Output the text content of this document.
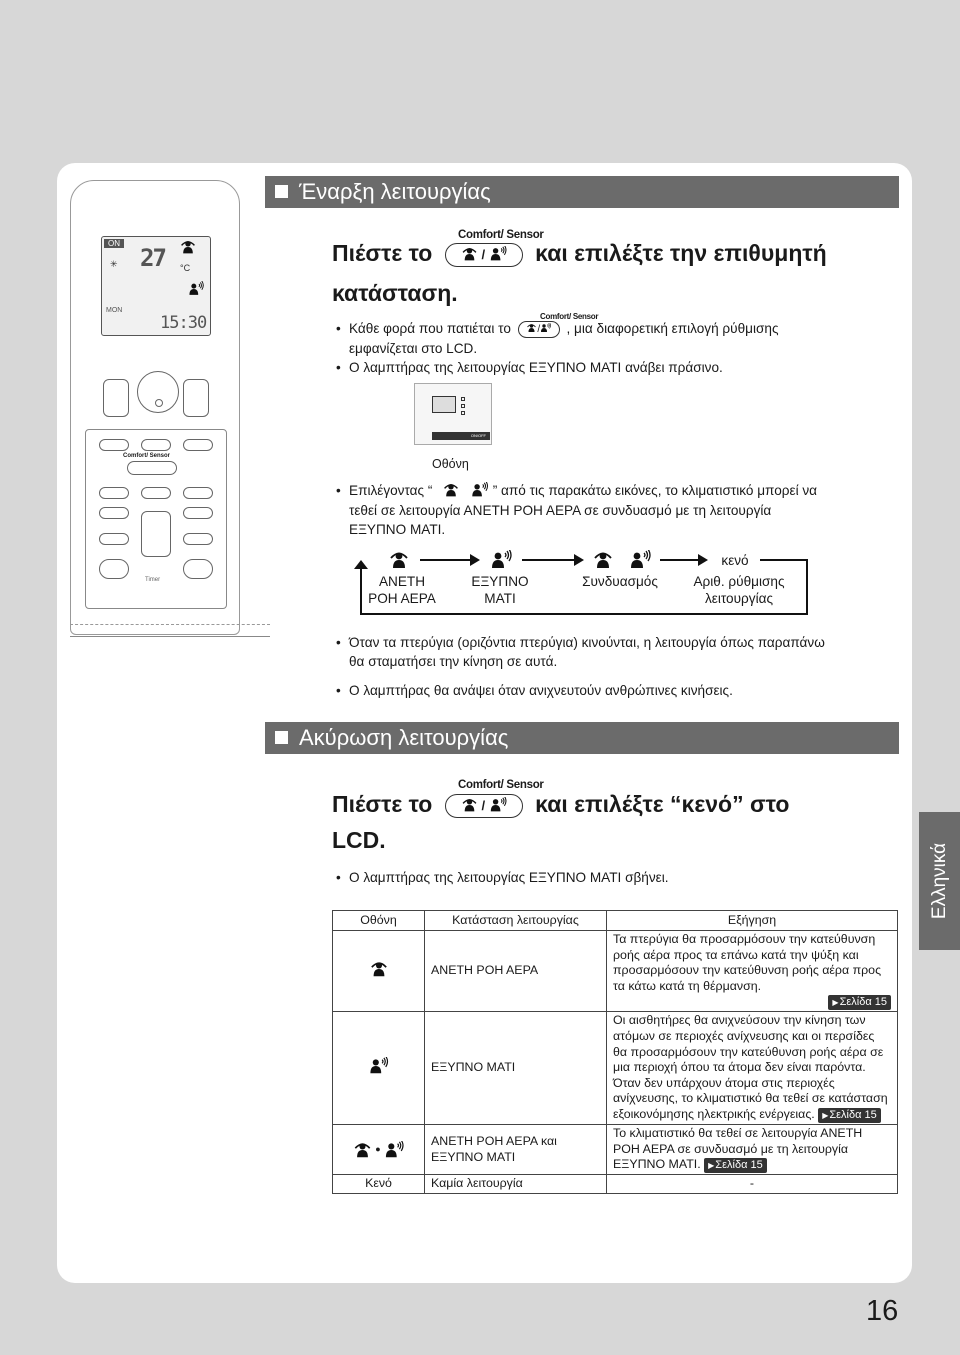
ON
✳ 27 °C
MON
15:30
Comfort/ Sensor
Timer
Έναρξη λειτουργίας
Comfort/ Sensor
Πιέστε το	/  και επιλέξτε την επιθυμητή
κατάσταση.
Comfort/ Sensor
• Κάθε φορά που πατιέται το	/ , μια διαφορετική επιλογή ρύθμισης
εμφανίζεται στο LCD.
• Ο λαμπτήρας της λειτουργίας ΕΞΥΠΝΟ ΜΑΤΙ ανάβει πράσινο.
ON/OFF
Οθόνη
• Επιλέγοντας “	” από τις παρακάτω εικόνες, το κλιματιστικό μπορεί να
τεθεί σε λειτουργία ΑΝΕΤΗ ΡΟΗ ΑΕΡΑ σε συνδυασμό με τη λειτουργία
ΕΞΥΠΝΟ ΜΑΤΙ.
κενό
ΑΝΕΤΗ
ΡΟΗ ΑΕΡΑ
ΕΞΥΠΝΟ
ΜΑΤΙ
Συνδυασμός	Αριθ. ρύθμισης
λειτουργίας
• Όταν τα πτερύγια (οριζόντια πτερύγια) κινούνται, η λειτουργία όπως παραπάνω
θα σταματήσει την κίνηση σε αυτά.
• Ο λαμπτήρας θα ανάψει όταν ανιχνευτούν ανθρώπινες κινήσεις.
Ακύρωση λειτουργίας
Comfort/ Sensor
Πιέστε το	/  και επιλέξτε “κενό” στο
LCD.
• Ο λαμπτήρας της λειτουργίας ΕΞΥΠΝΟ ΜΑΤΙ σβήνει.
Οθόνη	Κατάσταση λειτουργίας	Εξήγηση
	ΑΝΕΤΗ ΡΟΗ ΑΕΡΑ	Τα πτερύγια θα προσαρμόσουν την κατεύθυνση ροής αέρα προς τα επάνω κατά την ψύξη και προσαρμόσουν την κατεύθυνση ροής αέρα προς τα κάτω κατά τη θέρμανση.

▶ Σελίδα 15

	ΕΞΥΠΝΟ ΜΑΤΙ	Οι αισθητήρες θα ανιχνεύσουν την κίνηση των ατόμων σε περιοχές ανίχνευσης και οι περσίδες θα προσαρμόσουν την κατεύθυνση ροής αέρα σε μια περιοχή όπου τα άτομα δεν είναι παρόντα. Όταν δεν υπάρχουν άτομα στις περιοχές ανίχνευσης, το κλιματιστικό θα τεθεί σε κατάσταση εξοικονόμησης ηλεκτρικής ενέργειας. ▶ Σελίδα 15
●	ΑΝΕΤΗ ΡΟΗ ΑΕΡΑ και
ΕΞΥΠΝΟ ΜΑΤΙ	Το κλιματιστικό θα τεθεί σε λειτουργία ΑΝΕΤΗ ΡΟΗ ΑΕΡΑ σε συνδυασμό με τη λειτουργία ΕΞΥΠΝΟ ΜΑΤΙ. ▶ Σελίδα 15
Κενό	Καμία λειτουργία	-
Ελληνικά
16
